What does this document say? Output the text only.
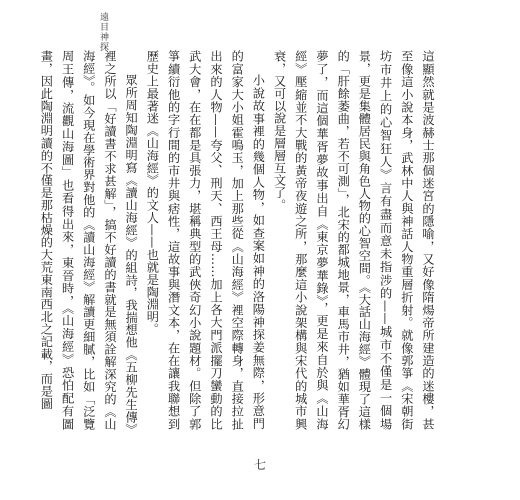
遠目神探

這顯然就是波赫士那個迷宮的隱喻，又好像隋煬帝所建造的迷樓，甚至像這小說本身，武林中人與神話人物重層折射。就像郭箏《宋朝街坊市井上的心智狂人》言有盡而意未指涉的——城市不僅是一個場景，更是集體居民與角色人物的心智空間。《大話山海經》體現了這樣的「肝餘萎曲，若不可測」，北宋的都城地景，車馬市井，猶如華胥幻夢了，而這個華胥夢故事出自《東京夢華錄》，更是來自於與《山海經》壓縮並不大戰的黃帝夜遊之所，那麼這小說架構與宋代的城市興衰，又可以說是層層互文了。

小說故事裡的幾個人物，如查案如神的洛陽神探姜無際，形意門的富家大小姐霍鳴玉，加上那些從《山海經》裡空際轉身，直接拉扯出來的人物——夸父、刑天、西王母……加上各大門派擺刀蠻動的比武大會，在在都是具張力，堪稱典型的武俠奇幻小說題材。但除了郭箏續衍他的字行間的市井與痞性，這故事與潛文本，在在讓我聯想到歷史上最著迷《山海經》的文人——也就是陶淵明。

眾所周知陶淵明寫《讀山海經》的組詩，我揣想他《五柳先生傳》裡之所以「好讀書不求甚解」，搞不好讀的書就是無須詮解深究的《山海經》。如今現在學術界對他的《讀山海經》解讀更細膩，比如「泛覽周王傳，流觀山海圖」也看得出來，東晉時，《山海經》恐怕配有圖畫，因此陶淵明讀的不僅是那枯燥的大荒東南西北之記載，而是圖

七
